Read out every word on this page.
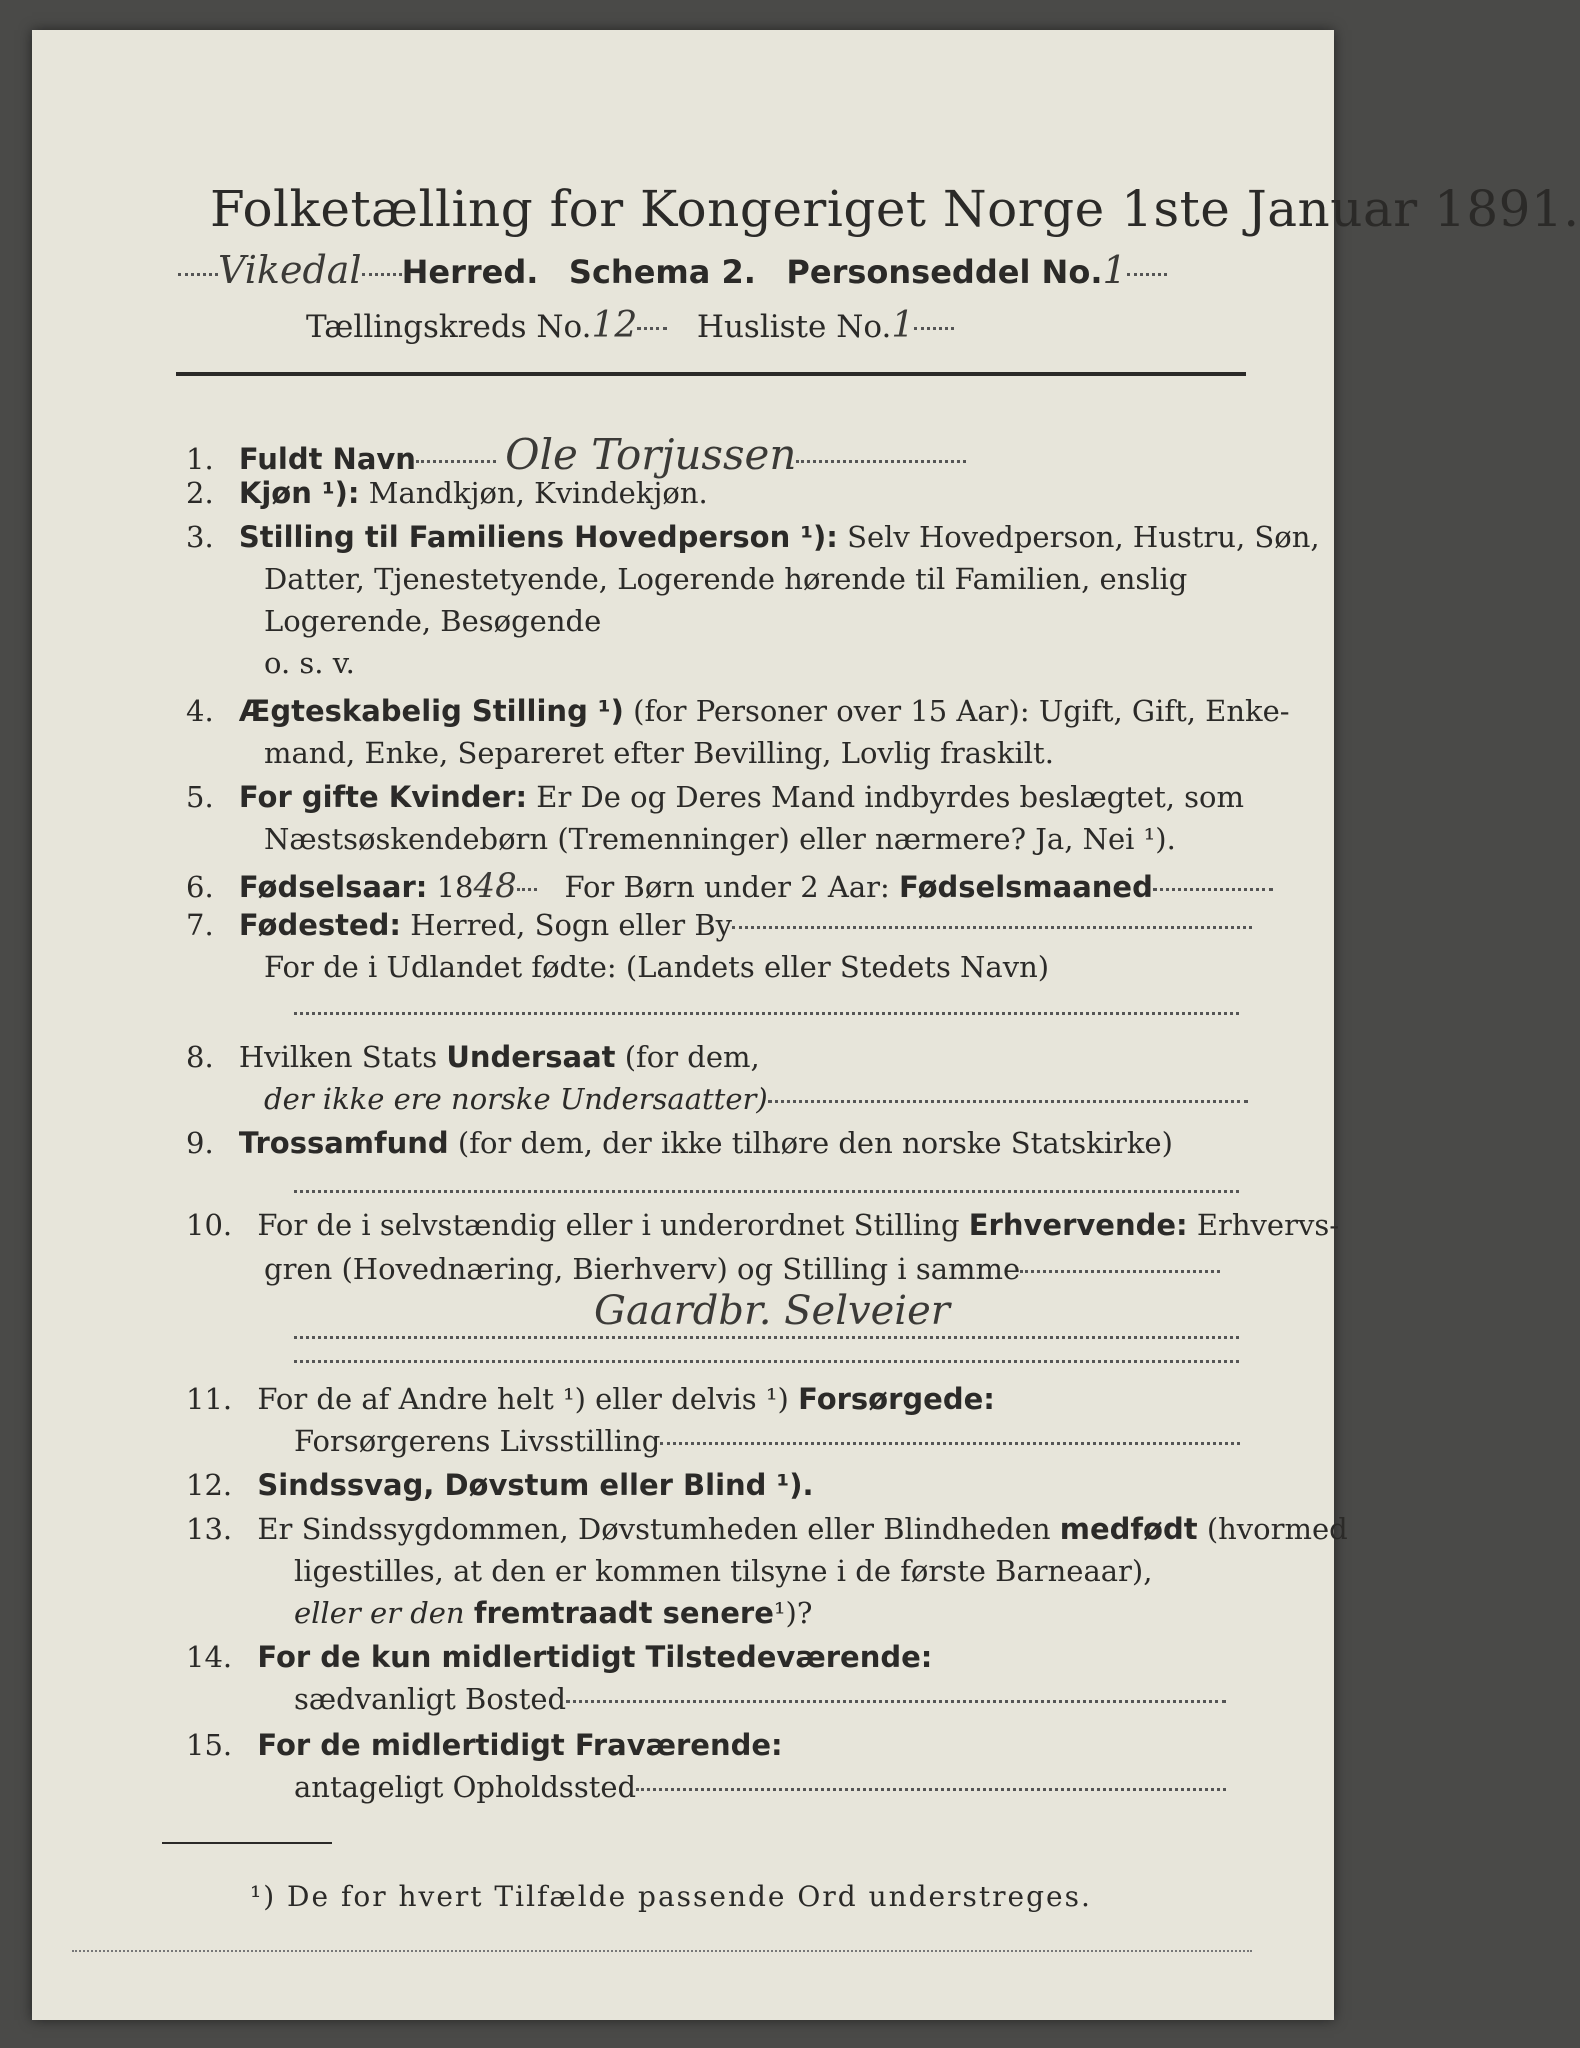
Folketælling for Kongeriget Norge 1ste Januar 1891.
Vikedal Herred. Schema 2. Personseddel No.1
Tællingskreds No.12 Husliste No.1
1. Fuldt Navn Ole Torjussen
2. Kjøn ¹): Mandkjøn, Kvindekjøn.
3. Stilling til Familiens Hovedperson ¹): Selv Hovedperson, Hustru, Søn,
Datter, Tjenestetyende, Logerende hørende til Familien, enslig
Logerende, Besøgende
o. s. v.
4. Ægteskabelig Stilling ¹) (for Personer over 15 Aar): Ugift, Gift, Enke-
mand, Enke, Separeret efter Bevilling, Lovlig fraskilt.
5. For gifte Kvinder: Er De og Deres Mand indbyrdes beslægtet, som
Næstsøskendebørn (Tremenninger) eller nærmere? Ja, Nei ¹).
6. Fødselsaar: 1848 For Børn under 2 Aar: Fødselsmaaned
7. Fødested: Herred, Sogn eller By
For de i Udlandet fødte: (Landets eller Stedets Navn)
8. Hvilken Stats Undersaat (for dem,
der ikke ere norske Undersaatter)
9. Trossamfund (for dem, der ikke tilhøre den norske Statskirke)
10. For de i selvstændig eller i underordnet Stilling Erhvervende: Erhvervs-
gren (Hovednæring, Bierhverv) og Stilling i samme
Gaardbr. Selveier
11. For de af Andre helt ¹) eller delvis ¹) Forsørgede:
Forsørgerens Livsstilling
12. Sindssvag, Døvstum eller Blind ¹).
13. Er Sindssygdommen, Døvstumheden eller Blindheden medfødt (hvormed
ligestilles, at den er kommen tilsyne i de første Barneaar),
eller er den fremtraadt senere¹)?
14. For de kun midlertidigt Tilstedeværende:
sædvanligt Bosted
15. For de midlertidigt Fraværende:
antageligt Opholdssted
¹) De for hvert Tilfælde passende Ord understreges.
